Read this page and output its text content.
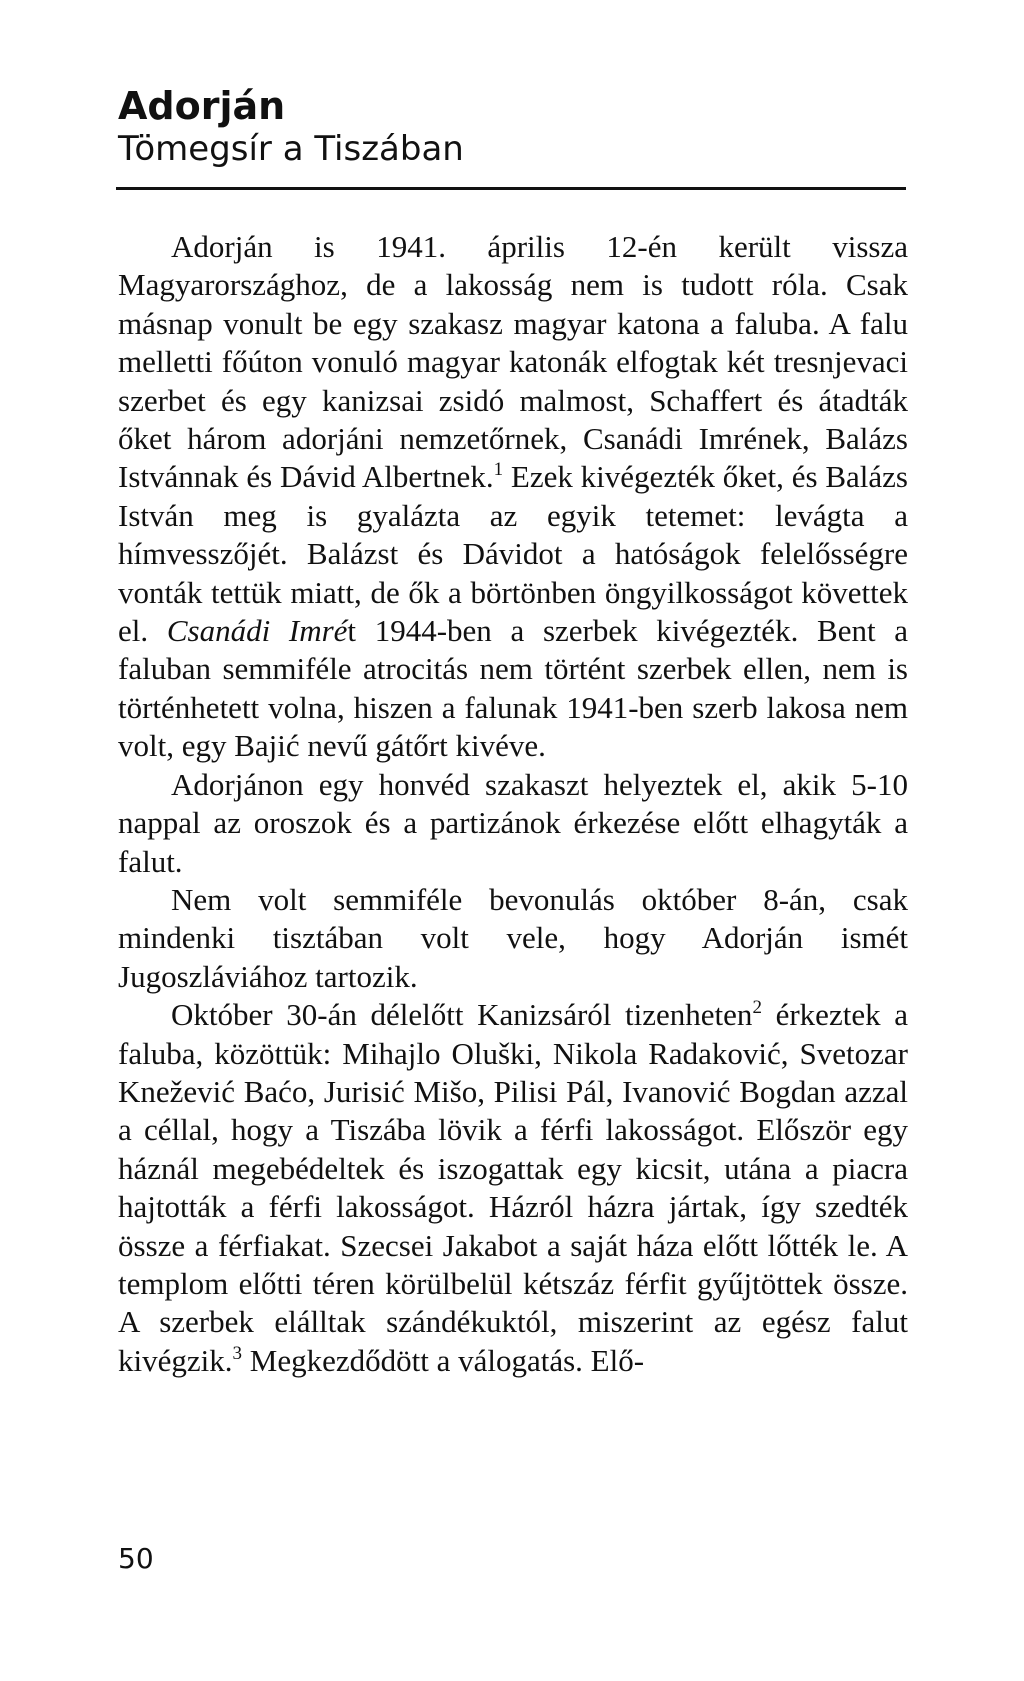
Adorján
Tömegsír a Tiszában

Adorján is 1941. április 12-én került vissza Magyarországhoz, de a lakosság nem is tudott róla. Csak másnap vonult be egy szakasz magyar katona a faluba. A falu melletti főúton vonuló magyar katonák elfogtak két tresnjevaci szerbet és egy kanizsai zsidó malmost, Schaffert és átadták őket három adorjáni nemzetőrnek, Csanádi Imrének, Balázs Istvánnak és Dávid Albertnek.$^1$ Ezek kivégezték őket, és Balázs István meg is gyalázta az egyik tetemet: levágta a hímvesszőjét. Balázst és Dávidot a hatóságok felelősségre vonták tettük miatt, de ők a börtönben öngyilkosságot követtek el. Csanádi Imrét 1944-ben a szerbek kivégezték. Bent a faluban semmiféle atrocitás nem történt szerbek ellen, nem is történhetett volna, hiszen a falunak 1941-ben szerb lakosa nem volt, egy Bajić nevű gátőrt kivéve.

Adorjánon egy honvéd szakaszt helyeztek el, akik 5-10 nappal az oroszok és a partizánok érkezése előtt elhagyták a falut.

Nem volt semmiféle bevonulás október 8-án, csak mindenki tisztában volt vele, hogy Adorján ismét Jugoszláviához tartozik.

Október 30-án délelőtt Kanizsáról tizenheten$^2$ érkeztek a faluba, közöttük: Mihajlo Oluški, Nikola Radaković, Svetozar Knežević Baćo, Jurisić Mišo, Pilisi Pál, Ivanović Bogdan azzal a céllal, hogy a Tiszába lövik a férfi lakosságot. Először egy háznál megebédeltek és iszogattak egy kicsit, utána a piacra hajtották a férfi lakosságot. Házról házra jártak, így szedték össze a férfiakat. Szecsei Jakabot a saját háza előtt lőtték le. A templom előtti téren körülbelül kétszáz férfit gyűjtöttek össze. A szerbek elálltak szándékuktól, miszerint az egész falut kivégzik.$^3$ Megkezdődött a válogatás. Elő-

50
